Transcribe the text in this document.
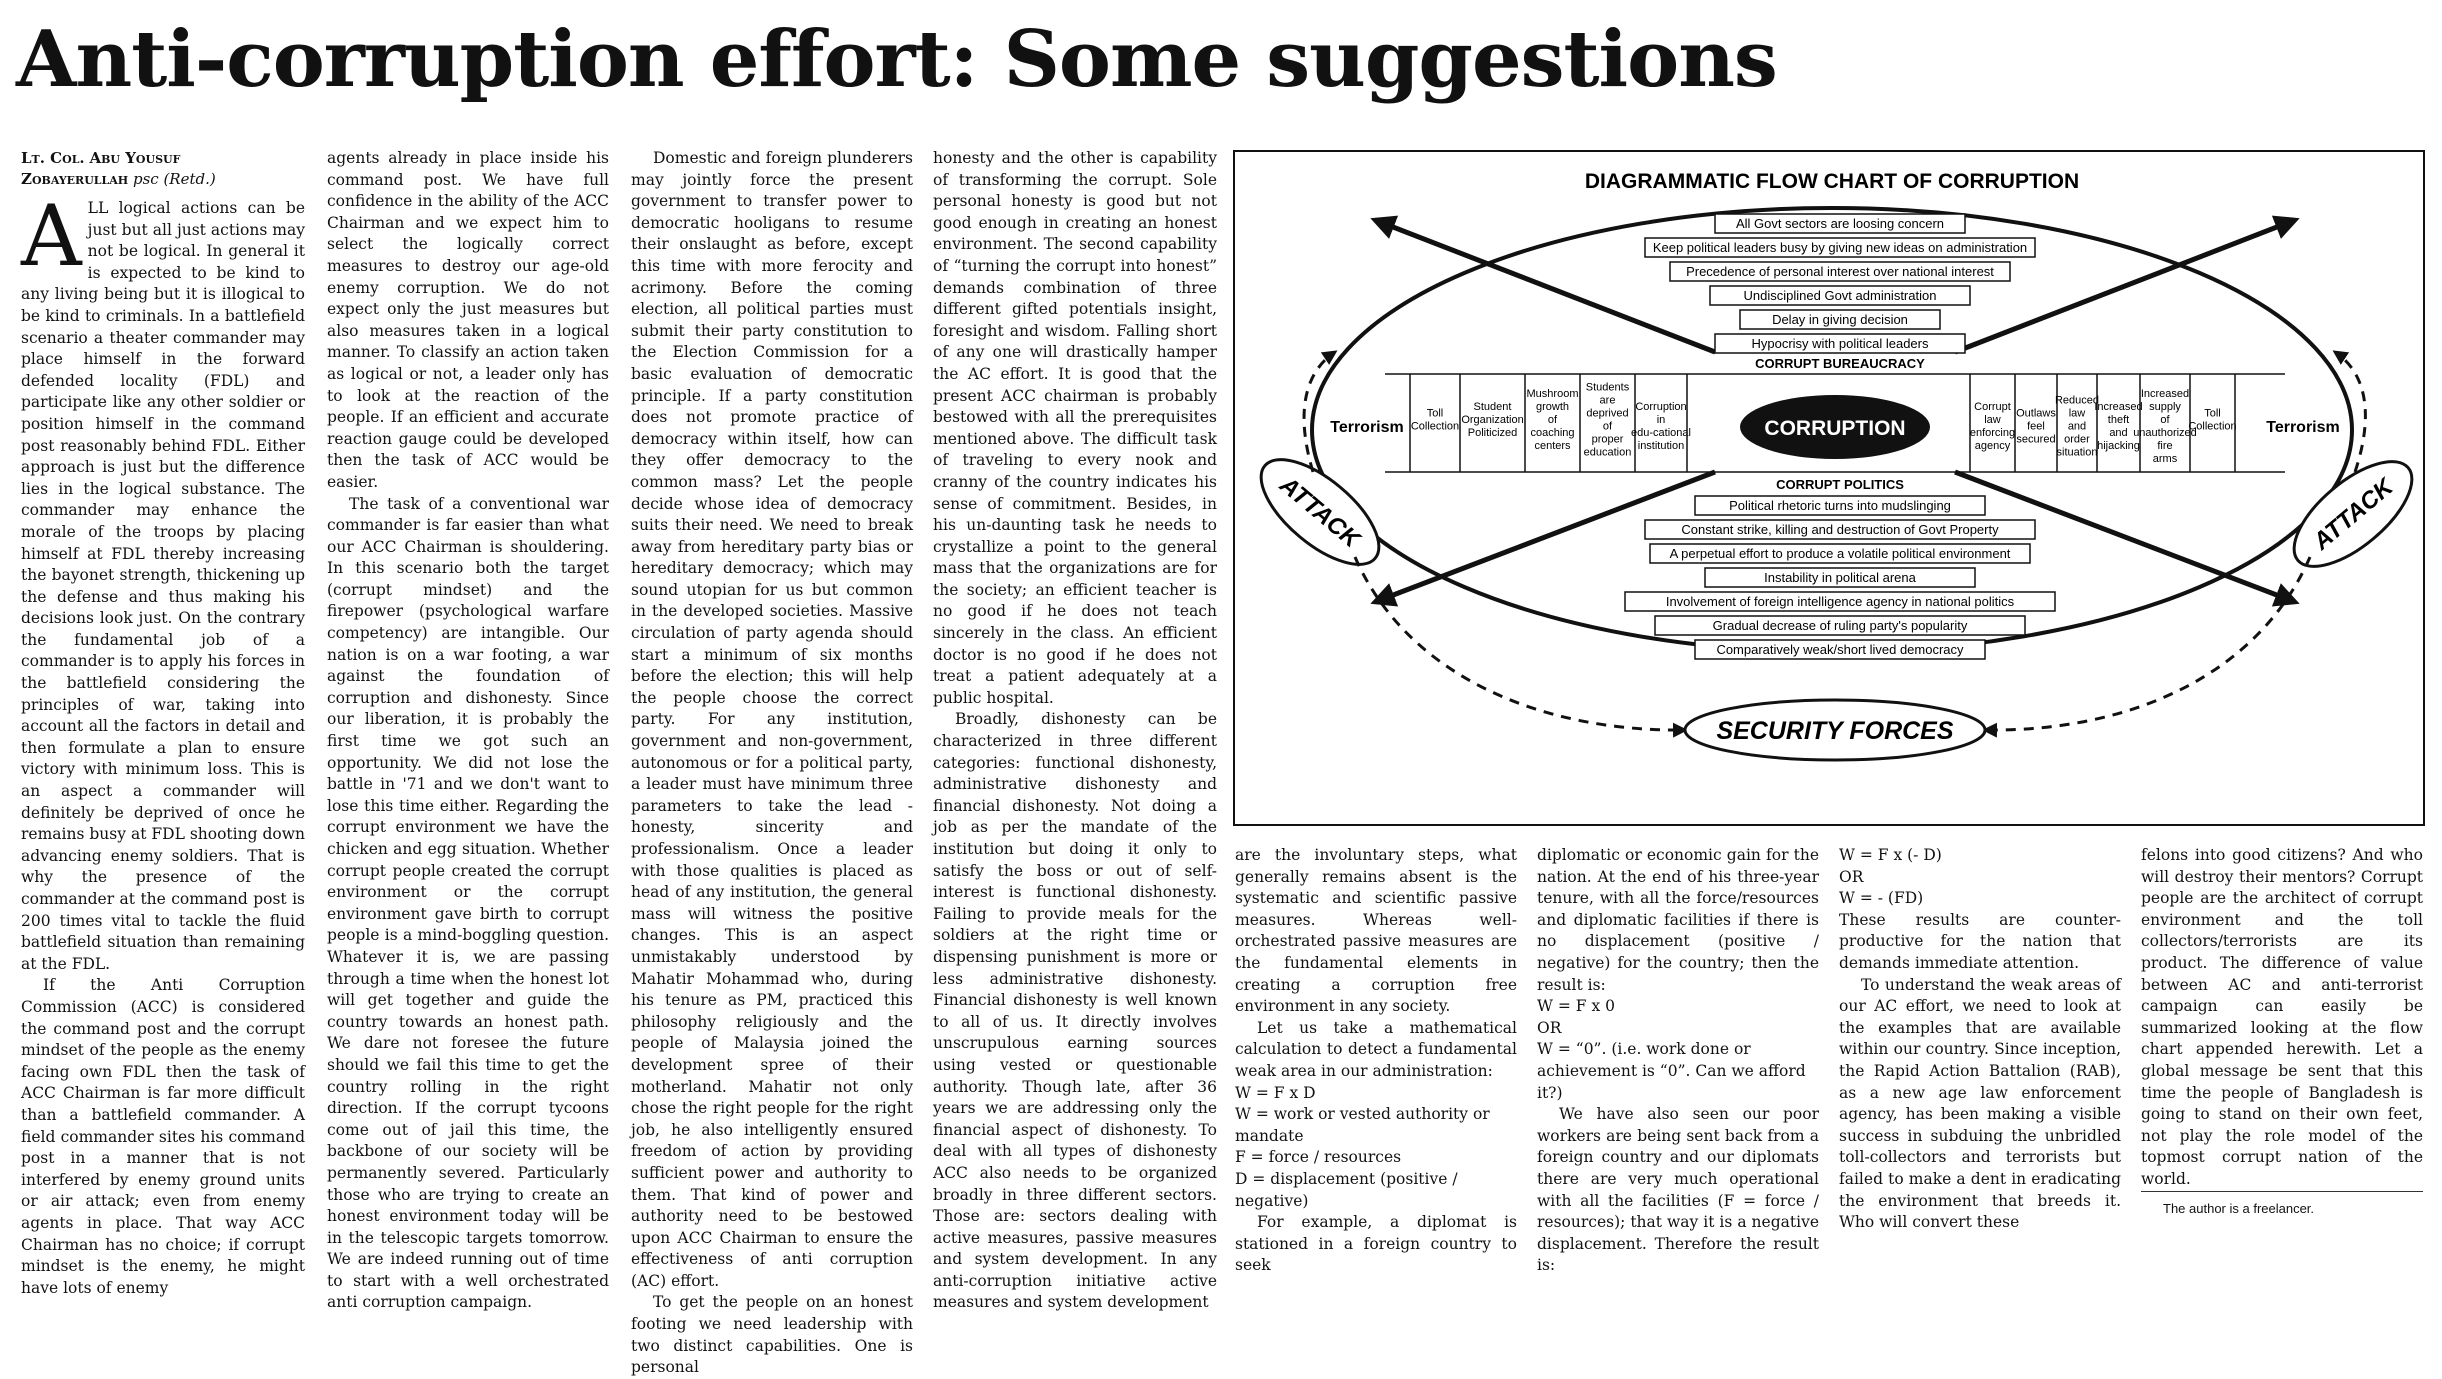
Anti-corruption effort: Some suggestions
Lt. Col. Abu Yousuf
Zobayerullah psc (Retd.)

ALL logical actions can be just but all just actions may not be logical. In general it is expected to be kind to any living being but it is illogical to be kind to criminals. In a battlefield scenario a theater commander may place himself in the forward defended locality (FDL) and participate like any other soldier or position himself in the command post reasonably behind FDL. Either approach is just but the difference lies in the logical substance. The commander may enhance the morale of the troops by placing himself at FDL thereby increasing the bayonet strength, thickening up the defense and thus making his decisions look just. On the contrary the fundamental job of a commander is to apply his forces in the battlefield considering the principles of war, taking into account all the factors in detail and then formulate a plan to ensure victory with minimum loss. This is an aspect a commander will definitely be deprived of once he remains busy at FDL shooting down advancing enemy soldiers. That is why the presence of the commander at the command post is 200 times vital to tackle the fluid battlefield situation than remaining at the FDL.

If the Anti Corruption Commission (ACC) is considered the command post and the corrupt mindset of the people as the enemy facing own FDL then the task of ACC Chairman is far more difficult than a battlefield commander. A field commander sites his command post in a manner that is not interfered by enemy ground units or air attack; even from enemy agents in place. That way ACC Chairman has no choice; if corrupt mindset is the enemy, he might have lots of enemy

agents already in place inside his command post. We have full confidence in the ability of the ACC Chairman and we expect him to select the logically correct measures to destroy our age-old enemy corruption. We do not expect only the just measures but also measures taken in a logical manner. To classify an action taken as logical or not, a leader only has to look at the reaction of the people. If an efficient and accurate reaction gauge could be developed then the task of ACC would be easier.

The task of a conventional war commander is far easier than what our ACC Chairman is shouldering. In this scenario both the target (corrupt mindset) and the firepower (psychological warfare competency) are intangible. Our nation is on a war footing, a war against the foundation of corruption and dishonesty. Since our liberation, it is probably the first time we got such an opportunity. We did not lose the battle in '71 and we don't want to lose this time either. Regarding the corrupt environment we have the chicken and egg situation. Whether corrupt people created the corrupt environment or the corrupt environment gave birth to corrupt people is a mind-boggling question. Whatever it is, we are passing through a time when the honest lot will get together and guide the country towards an honest path. We dare not foresee the future should we fail this time to get the country rolling in the right direction. If the corrupt tycoons come out of jail this time, the backbone of our society will be permanently severed. Particularly those who are trying to create an honest environment today will be in the telescopic targets tomorrow. We are indeed running out of time to start with a well orchestrated anti corruption campaign.

Domestic and foreign plunderers may jointly force the present government to transfer power to democratic hooligans to resume their onslaught as before, except this time with more ferocity and acrimony. Before the coming election, all political parties must submit their party constitution to the Election Commission for a basic evaluation of democratic principle. If a party constitution does not promote practice of democracy within itself, how can they offer democracy to the common mass? Let the people decide whose idea of democracy suits their need. We need to break away from hereditary party bias or hereditary democracy; which may sound utopian for us but common in the developed societies. Massive circulation of party agenda should start a minimum of six months before the election; this will help the people choose the correct party. For any institution, government and non-government, autonomous or for a political party, a leader must have minimum three parameters to take the lead - honesty, sincerity and professionalism. Once a leader with those qualities is placed as head of any institution, the general mass will witness the positive changes. This is an aspect unmistakably understood by Mahatir Mohammad who, during his tenure as PM, practiced this philosophy religiously and the people of Malaysia joined the development spree of their motherland. Mahatir not only chose the right people for the right job, he also intelligently ensured freedom of action by providing sufficient power and authority to them. That kind of power and authority need to be bestowed upon ACC Chairman to ensure the effectiveness of anti corruption (AC) effort.

To get the people on an honest footing we need leadership with two distinct capabilities. One is personal

honesty and the other is capability of transforming the corrupt. Sole personal honesty is good but not good enough in creating an honest environment. The second capability of “turning the corrupt into honest” demands combination of three different gifted potentials insight, foresight and wisdom. Falling short of any one will drastically hamper the AC effort. It is good that the present ACC chairman is probably bestowed with all the prerequisites mentioned above. The difficult task of traveling to every nook and cranny of the country indicates his sense of commitment. Besides, in his un-daunting task he needs to crystallize a point to the general mass that the organizations are for the society; an efficient teacher is no good if he does not teach sincerely in the class. An efficient doctor is no good if he does not treat a patient adequately at a public hospital.

Broadly, dishonesty can be characterized in three different categories: functional dishonesty, administrative dishonesty and financial dishonesty. Not doing a job as per the mandate of the institution but doing it only to satisfy the boss or out of self-interest is functional dishonesty. Failing to provide meals for the soldiers at the right time or dispensing punishment is more or less administrative dishonesty. Financial dishonesty is well known to all of us. It directly involves unscrupulous earning sources using vested or questionable authority. Though late, after 36 years we are addressing only the financial aspect of dishonesty. To deal with all types of dishonesty ACC also needs to be organized broadly in three different sectors. Those are: sectors dealing with active measures, passive measures and system development. In any anti-corruption initiative active measures and system development

DIAGRAMMATIC FLOW CHART OF CORRUPTION
All Govt sectors are loosing concern
Keep political leaders busy by giving new ideas on administration
Precedence of personal interest over national interest
Undisciplined Govt administration
Delay in giving decision
Hypocrisy with political leaders
CORRUPT BUREAUCRACY
Toll Collection
Student Organization Politicized
Mushroom growth of coaching centers
Students are deprived of proper education
Corruption in edu-cational institution
Corrupt law enforcing agency
Outlaws feel secured
Reduced law and order situation
Increased theft and hijacking
Increased supply of unauthorized fire arms
Toll Collection
Terrorism	Terrorism
CORRUPTION
CORRUPT POLITICS
Political rhetoric turns into mudslinging
Constant strike, killing and destruction of Govt Property
A perpetual effort to produce a volatile political environment
Instability in political arena
Involvement of foreign intelligence agency in national politics
Gradual decrease of ruling party's popularity
Comparatively weak/short lived democracy
ATTACK	ATTACK
SECURITY FORCES

are the involuntary steps, what generally remains absent is the systematic and scientific passive measures. Whereas well-orchestrated passive measures are the fundamental elements in creating a corruption free environment in any society.

Let us take a mathematical calculation to detect a fundamental weak area in our administration:

W = F x D

W = work or vested authority or mandate

F = force / resources

D = displacement (positive / negative)

For example, a diplomat is stationed in a foreign country to seek

diplomatic or economic gain for the nation. At the end of his three-year tenure, with all the force/resources and diplomatic facilities if there is no displacement (positive / negative) for the country; then the result is:

W = F x 0

OR

W = “0”. (i.e. work done or achievement is “0”. Can we afford it?)

We have also seen our poor workers are being sent back from a foreign country and our diplomats there are very much operational with all the facilities (F = force / resources); that way it is a negative displacement. Therefore the result is:

W = F x (- D)

OR

W = - (FD)

These results are counter-productive for the nation that demands immediate attention.

To understand the weak areas of our AC effort, we need to look at the examples that are available within our country. Since inception, the Rapid Action Battalion (RAB), as a new age law enforcement agency, has been making a visible success in subduing the unbridled toll-collectors and terrorists but failed to make a dent in eradicating the environment that breeds it. Who will convert these

felons into good citizens? And who will destroy their mentors? Corrupt people are the architect of corrupt environment and the toll collectors/terrorists are its product. The difference of value between AC and anti-terrorist campaign can easily be summarized looking at the flow chart appended herewith. Let a global message be sent that this time the people of Bangladesh is going to stand on their own feet, not play the role model of the topmost corrupt nation of the world.

The author is a freelancer.
